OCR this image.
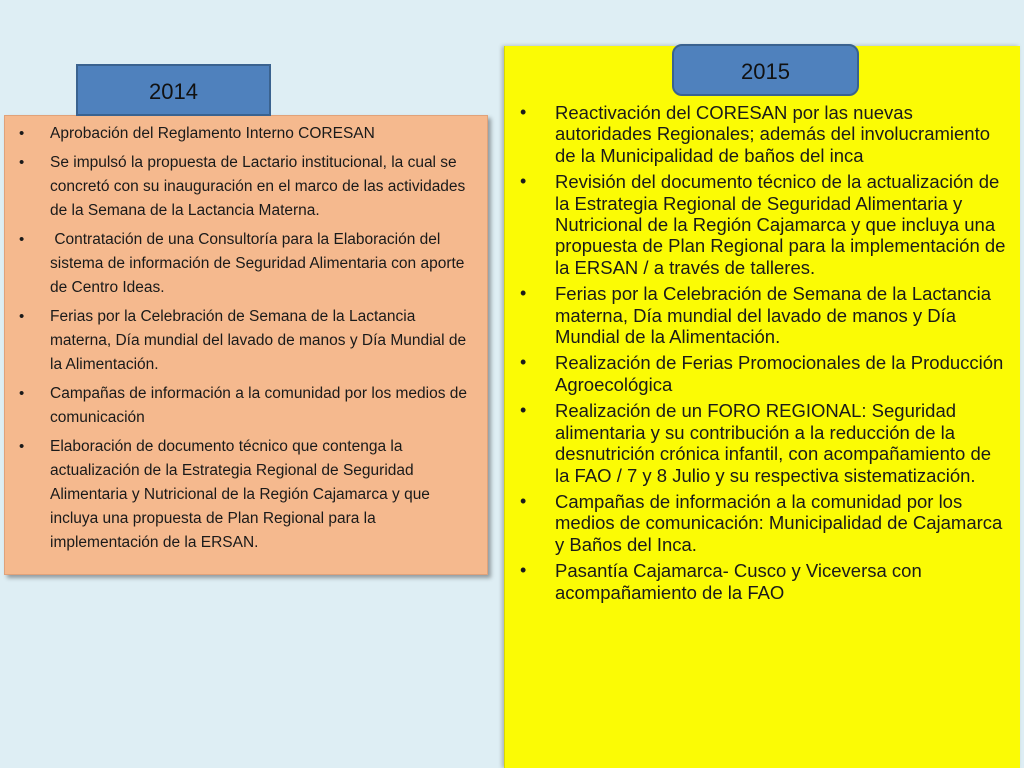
• Aprobación del Reglamento Interno CORESAN
• Se impulsó la propuesta de Lactario institucional, la cual se concretó con su inauguración en el marco de las actividades de la Semana de la Lactancia Materna.
•  Contratación de una Consultoría para la Elaboración del sistema de información de Seguridad Alimentaria con aporte de Centro Ideas.
• Ferias por la Celebración de Semana de la Lactancia materna, Día mundial del lavado de manos y Día Mundial de la Alimentación.
• Campañas de información a la comunidad por los medios de comunicación
• Elaboración de documento técnico que contenga la actualización de la Estrategia Regional de Seguridad Alimentaria y Nutricional de la Región Cajamarca y que incluya una propuesta de Plan Regional para la implementación de la ERSAN.
• Reactivación del CORESAN por las nuevas autoridades Regionales; además del involucramiento de la Municipalidad de baños del inca
• Revisión del documento técnico de la actualización de la Estrategia Regional de Seguridad Alimentaria y Nutricional de la Región Cajamarca y que incluya una propuesta de Plan Regional para la implementación de la ERSAN / a través de talleres.
• Ferias por la Celebración de Semana de la Lactancia materna, Día mundial del lavado de manos y Día Mundial de la Alimentación.
• Realización de Ferias Promocionales de la Producción Agroecológica
• Realización de un FORO REGIONAL: Seguridad alimentaria y su contribución a la reducción de la desnutrición crónica infantil, con acompañamiento de la FAO / 7 y 8 Julio y su respectiva sistematización.
• Campañas de información a la comunidad por los medios de comunicación: Municipalidad de Cajamarca y Baños del Inca.
• Pasantía Cajamarca- Cusco y Viceversa con acompañamiento de la FAO
2014
2015
